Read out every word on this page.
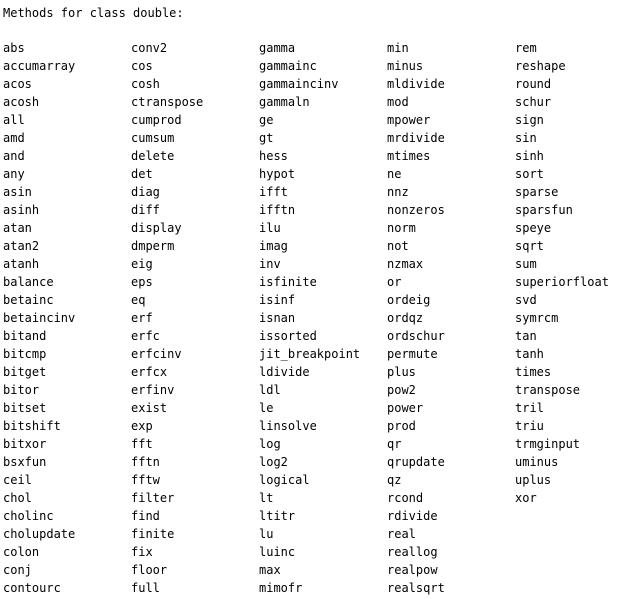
Methods for class double:
abs
accumarray
acos
acosh
all
amd
and
any
asin
asinh
atan
atan2
atanh
balance
betainc
betaincinv
bitand
bitcmp
bitget
bitor
bitset
bitshift
bitxor
bsxfun
ceil
chol
cholinc
cholupdate
colon
conj
contourc
conv2
cos
cosh
ctranspose
cumprod
cumsum
delete
det
diag
diff
display
dmperm
eig
eps
eq
erf
erfc
erfcinv
erfcx
erfinv
exist
exp
fft
fftn
fftw
filter
find
finite
fix
floor
full
gamma
gammainc
gammaincinv
gammaln
ge
gt
hess
hypot
ifft
ifftn
ilu
imag
inv
isfinite
isinf
isnan
issorted
jit_breakpoint
ldivide
ldl
le
linsolve
log
log2
logical
lt
ltitr
lu
luinc
max
mimofr
min
minus
mldivide
mod
mpower
mrdivide
mtimes
ne
nnz
nonzeros
norm
not
nzmax
or
ordeig
ordqz
ordschur
permute
plus
pow2
power
prod
qr
qrupdate
qz
rcond
rdivide
real
reallog
realpow
realsqrt
rem
reshape
round
schur
sign
sin
sinh
sort
sparse
sparsfun
speye
sqrt
sum
superiorfloat
svd
symrcm
tan
tanh
times
transpose
tril
triu
trmginput
uminus
uplus
xor
